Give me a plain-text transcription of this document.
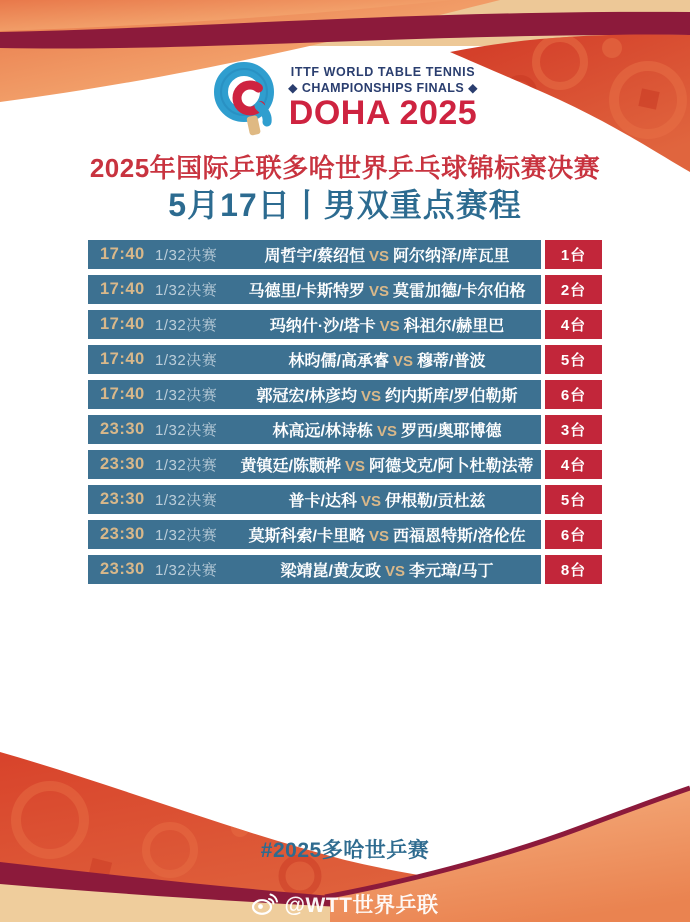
ITTF WORLD TABLE TENNIS
◆ CHAMPIONSHIPS FINALS ◆
DOHA 2025
2025年国际乒联多哈世界乒乓球锦标赛决赛
5月17日丨男双重点赛程
17:40 1/32决赛	周哲宇/蔡绍恒 VS 阿尔纳泽/库瓦里	1台
17:40 1/32决赛	马德里/卡斯特罗 VS 莫雷加德/卡尔伯格	2台
17:40 1/32决赛	玛纳什·沙/塔卡 VS 科祖尔/赫里巴	4台
17:40 1/32决赛	林昀儒/高承睿 VS 穆蒂/普波	5台
17:40 1/32决赛	郭冠宏/林彦均 VS 约内斯库/罗伯勒斯	6台
23:30 1/32决赛	林高远/林诗栋 VS 罗西/奥耶博德	3台
23:30 1/32决赛	黄镇廷/陈颢桦 VS 阿德戈克/阿卜杜勒法蒂	4台
23:30 1/32决赛	普卡/达科 VS 伊根勒/贡杜兹	5台
23:30 1/32决赛	莫斯科索/卡里略 VS 西福恩特斯/洛伦佐	6台
23:30 1/32决赛	梁靖崑/黄友政 VS 李元璋/马丁	8台
#2025多哈世乒赛
@WTT世界乒联
